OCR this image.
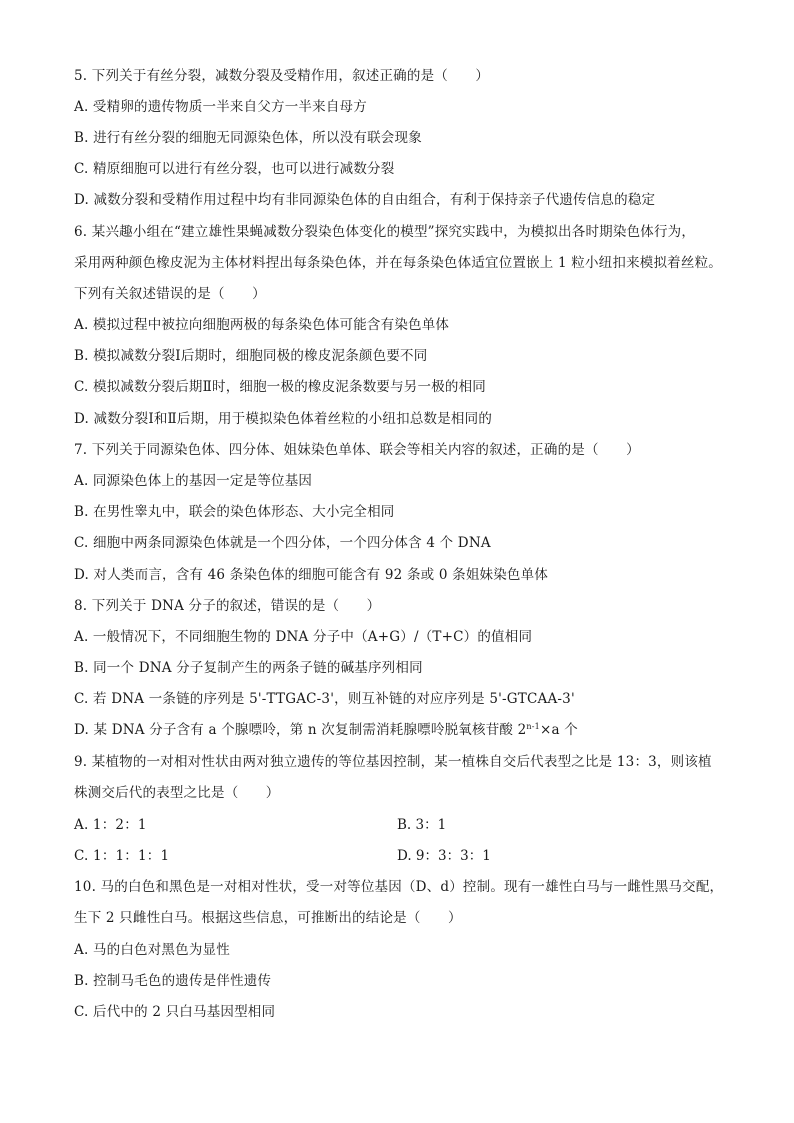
5. 下列关于有丝分裂，减数分裂及受精作用，叙述正确的是（　　）
A. 受精卵的遗传物质一半来自父方一半来自母方
B. 进行有丝分裂的细胞无同源染色体，所以没有联会现象
C. 精原细胞可以进行有丝分裂，也可以进行减数分裂
D. 减数分裂和受精作用过程中均有非同源染色体的自由组合，有利于保持亲子代遗传信息的稳定
6. 某兴趣小组在“建立雄性果蝇减数分裂染色体变化的模型”探究实践中，为模拟出各时期染色体行为，
采用两种颜色橡皮泥为主体材料捏出每条染色体，并在每条染色体适宜位置嵌上 1 粒小纽扣来模拟着丝粒。
下列有关叙述错误的是（　　）
A. 模拟过程中被拉向细胞两极的每条染色体可能含有染色单体
B. 模拟减数分裂Ⅰ后期时，细胞同极的橡皮泥条颜色要不同
C. 模拟减数分裂后期Ⅱ时，细胞一极的橡皮泥条数要与另一极的相同
D. 减数分裂Ⅰ和Ⅱ后期，用于模拟染色体着丝粒的小纽扣总数是相同的
7. 下列关于同源染色体、四分体、姐妹染色单体、联会等相关内容的叙述，正确的是（　　）
A. 同源染色体上的基因一定是等位基因
B. 在男性睾丸中，联会的染色体形态、大小完全相同
C. 细胞中两条同源染色体就是一个四分体，一个四分体含 4 个 DNA
D. 对人类而言，含有 46 条染色体的细胞可能含有 92 条或 0 条姐妹染色单体
8. 下列关于 DNA 分子的叙述，错误的是（　　）
A. 一般情况下，不同细胞生物的 DNA 分子中（A+G）/（T+C）的值相同
B. 同一个 DNA 分子复制产生的两条子链的碱基序列相同
C. 若 DNA 一条链的序列是 5'-TTGAC-3'，则互补链的对应序列是 5'-GTCAA-3'
D. 某 DNA 分子含有 a 个腺嘌呤，第 n 次复制需消耗腺嘌呤脱氧核苷酸 $2^{n-1}\times a$ 个
9. 某植物的一对相对性状由两对独立遗传的等位基因控制，某一植株自交后代表型之比是 13：3，则该植
株测交后代的表型之比是（　　）
A. 1：2：1	B. 3：1
C. 1：1：1：1	D. 9：3：3：1
10. 马的白色和黑色是一对相对性状，受一对等位基因（D、d）控制。现有一雄性白马与一雌性黑马交配，
生下 2 只雌性白马。根据这些信息，可推断出的结论是（　　）
A. 马的白色对黑色为显性
B. 控制马毛色的遗传是伴性遗传
C. 后代中的 2 只白马基因型相同
